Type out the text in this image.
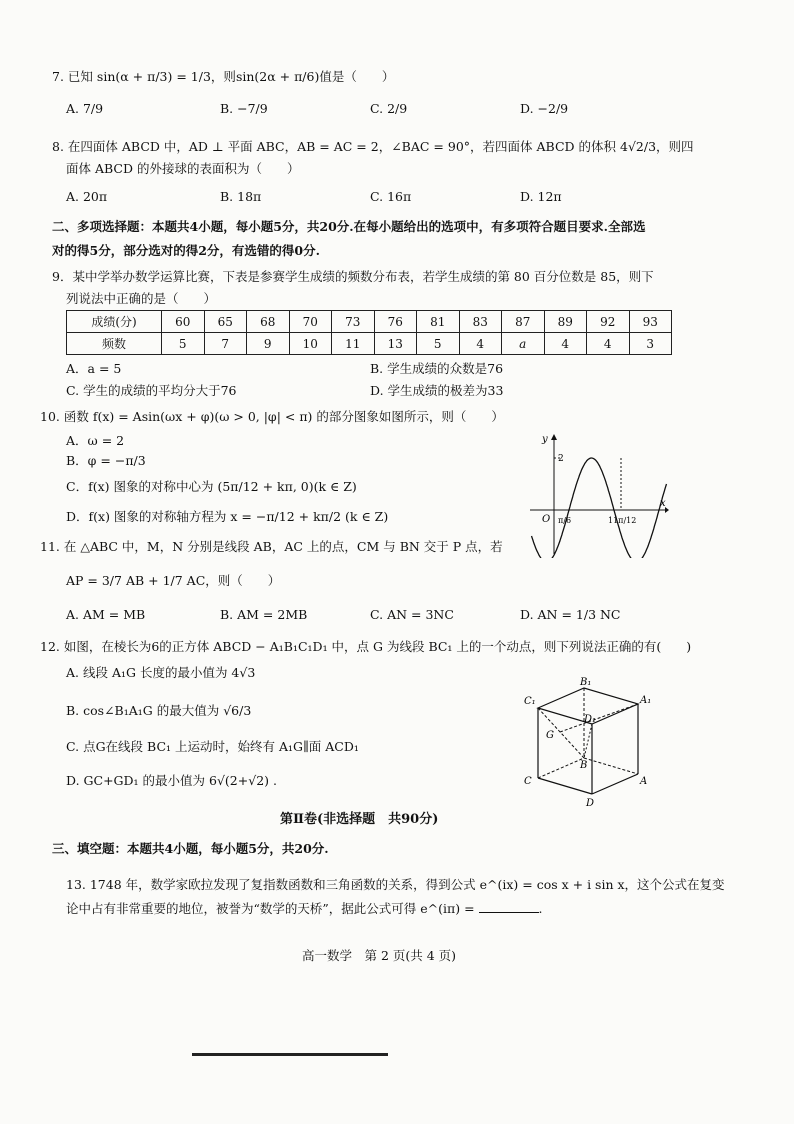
7. 已知 sin(α + π/3) = 1/3，则sin(2α + π/6)值是（　　）
A. 7/9	B. −7/9	C. 2/9	D. −2/9
8. 在四面体 ABCD 中，AD ⊥ 平面 ABC，AB = AC = 2，∠BAC = 90°，若四面体 ABCD 的体积 4√2/3，则四
面体 ABCD 的外接球的表面积为（　　）
A. 20π	B. 18π	C. 16π	D. 12π
二、多项选择题：本题共4小题，每小题5分，共20分.在每小题给出的选项中，有多项符合题目要求.全部选
对的得5分，部分选对的得2分，有选错的得0分.
9．某中学举办数学运算比赛，下表是参赛学生成绩的频数分布表，若学生成绩的第 80 百分位数是 85，则下
列说法中正确的是（　　）
成绩(分)	60	65	68	70	73	76	81	83	87	89	92	93
频数	5	7	9	10	11	13	5	4	a	4	4	3
A．a = 5	B. 学生成绩的众数是76
C. 学生的成绩的平均分大于76	D. 学生成绩的极差为33
10. 函数 f(x) = Asin(ωx + φ)(ω > 0, |φ| < π) 的部分图象如图所示，则（　　）
A．ω = 2
B．φ = −π/3
C．f(x) 图象的对称中心为 (5π/12 + kπ, 0)(k ∈ Z)
D．f(x) 图象的对称轴方程为 x = −π/12 + kπ/2 (k ∈ Z)
y
x
O
2
π/6	11π/12
11. 在 △ABC 中，M，N 分别是线段 AB，AC 上的点，CM 与 BN 交于 P 点，若
AP = 3/7 AB + 1/7 AC，则（　　）
A. AM = MB	B. AM = 2MB	C. AN = 3NC	D. AN = 1/3 NC
12. 如图，在棱长为6的正方体 ABCD − A₁B₁C₁D₁ 中，点 G 为线段 BC₁ 上的一个动点，则下列说法正确的有(　　)
A. 线段 A₁G 长度的最小值为 4√3
B. cos∠B₁A₁G 的最大值为 √6/3
C. 点G在线段 BC₁ 上运动时，始终有 A₁G∥面 ACD₁
D. GC+GD₁ 的最小值为 6√(2+√2) .
C₁
B₁
A₁
D₁
G
B
C	A
D
第Ⅱ卷(非选择题　共90分)
三、填空题：本题共4小题，每小题5分，共20分.
13. 1748 年，数学家欧拉发现了复指数函数和三角函数的关系，得到公式 e^(ix) = cos x + i sin x，这个公式在复变
论中占有非常重要的地位，被誉为“数学的天桥”，据此公式可得 e^(iπ) =	.
高一数学　第 2 页(共 4 页)
